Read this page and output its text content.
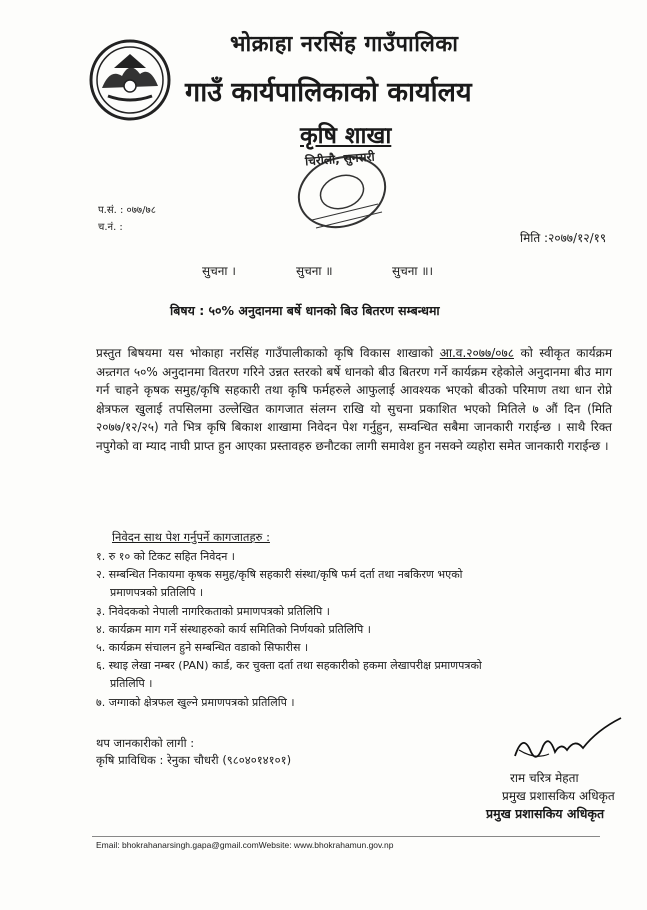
भोक्राहा नरसिंह गाउँपालिका
गाउँ कार्यपालिकाको कार्यालय
कृषि शाखा
चिरीलौ, सुनसरी
प.सं. : ०७७/७८
च.नं. :
मिति :२०७७/१२/१९
सुचना ।	सुचना ॥	सुचना ॥।
बिषय : ५०% अनुदानमा बर्षे धानको बिउ बितरण सम्बन्धमा
प्रस्तुत बिषयमा यस भोकाहा नरसिंह गाउँपालीकाको कृषि विकास शाखाको आ.व.२०७७/०७८ को स्वीकृत कार्यक्रम अन्र्तगत ५०% अनुदानमा वितरण गरिने उन्नत स्तरको बर्षे धानको बीउ बितरण गर्ने कार्यक्रम रहेकोले अनुदानमा बीउ माग गर्न चाहने कृषक समुह/कृषि सहकारी तथा कृषि फर्महरुले आफुलाई आवश्यक भएको बीउको परिमाण तथा धान रोप्ने क्षेत्रफल खुलाई तपसिलमा उल्लेखित कागजात संलग्न राखि यो सुचना प्रकाशित भएको मितिले ७ औं दिन (मिति २०७७/१२/२५) गते भित्र कृषि बिकाश शाखामा निवेदन पेश गर्नुहुन, सम्वन्धित सबैमा जानकारी गराईन्छ । साथै रिक्त नपुगेको वा म्याद नाघी प्राप्त हुन आएका प्रस्तावहरु छनौटका लागी समावेश हुन नसक्ने व्यहोरा समेत जानकारी गराईन्छ ।
निवेदन साथ पेश गर्नुपर्ने कागजातहरु :
१. रु १० को टिकट सहित निवेदन ।
२. सम्बन्धित निकायमा कृषक समुह/कृषि सहकारी संस्था/कृषि फर्म दर्ता तथा नबकिरण भएको
प्रमाणपत्रको प्रतिलिपि ।
३. निवेदकको नेपाली नागरिकताको प्रमाणपत्रको प्रतिलिपि ।
४. कार्यक्रम माग गर्ने संस्थाहरुको कार्य समितिको निर्णयको प्रतिलिपि ।
५. कार्यक्रम संचालन हुने सम्बन्धित वडाको सिफारीस ।
६. स्थाइ लेखा नम्बर (PAN) कार्ड, कर चुक्ता दर्ता तथा सहकारीको हकमा लेखापरीक्ष प्रमाणपत्रको
प्रतिलिपि ।
७. जग्गाको क्षेत्रफल खुल्ने प्रमाणपत्रको प्रतिलिपि ।
थप जानकारीको लागी :
कृषि प्राविधिक : रेनुका चौधरी (९८०४०१४१०१)
राम चरित्र मेहता
प्रमुख प्रशासकिय अधिकृत
प्रमुख प्रशासकिय अधिकृत
Email: bhokrahanarsingh.gapa@gmail.comWebsite: www.bhokrahamun.gov.np
